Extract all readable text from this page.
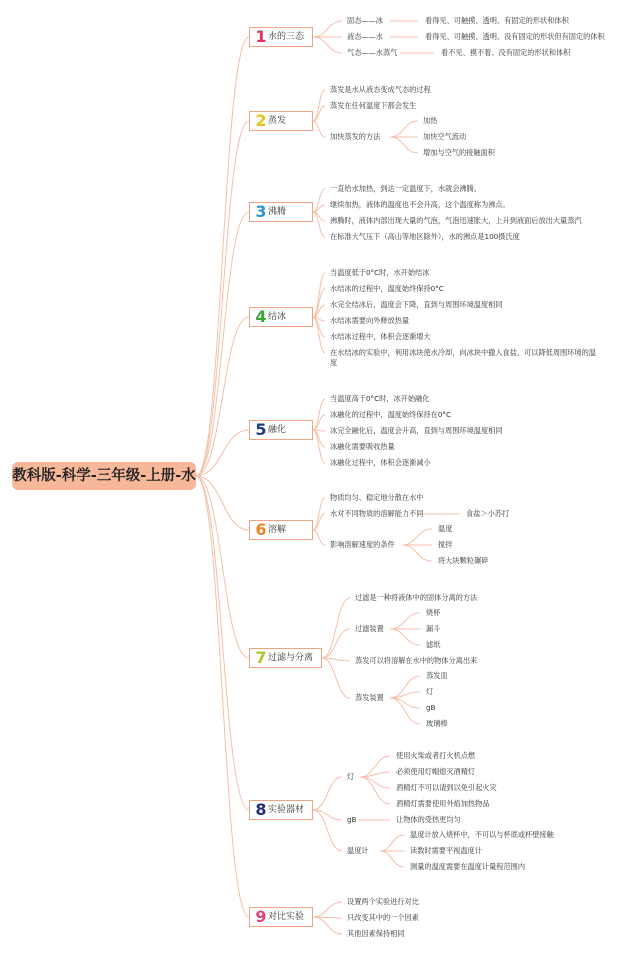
教科版-科学-三年级-上册-水
1水的三态
固态——冰	看得见、可触摸、透明、有固定的形状和体积
液态——水	看得见、可触摸、透明、没有固定的形状但有固定的体积
气态——水蒸气	看不见、摸不着、没有固定的形状和体积
2蒸发
蒸发是水从液态变成气态的过程
蒸发在任何温度下都会发生
加快蒸发的方法
加热
加快空气流动
增加与空气的接触面积
3沸腾
一直给水加热，到达一定温度下，水就会沸腾。
继续加热，液体的温度也不会升高，这个温度称为沸点。
沸腾时，液体内部出现大量的气泡，气泡迅速胀大，上升到液面后放出大量蒸汽
在标准大气压下（高山等地区除外），水的沸点是100摄氏度
4结冰
当温度低于0°C时，水开始结冰
水结冰的过程中，温度始终保持0°C
水完全结冰后，温度会下降，直到与周围环境温度相同
水结冰需要向外释放热量
水结冰过程中，体积会逐渐增大
在水结冰的实验中，利用冰块使水冷却，向冰块中撒入食盐，可以降低周围环境的温度
5融化
当温度高于0°C时，冰开始融化
冰融化的过程中，温度始终保持在0°C
冰完全融化后，温度会升高，直到与周围环境温度相同
冰融化需要吸收热量
冰融化过程中，体积会逐渐减小
6溶解
物质均匀、稳定地分散在水中
水对不同物质的溶解能力不同	食盐＞小苏打
影响溶解速度的条件
温度
搅拌
将大块颗粒碾碎
7过滤与分离
过滤是一种将液体中的固体分离的方法
过滤装置
烧杯
漏斗
滤纸
蒸发可以将溶解在水中的物体分离出来
蒸发装置
蒸发皿
灯
gB
玻璃棒
8实验器材
灯
使用火柴或者打火机点燃
必须使用灯帽熄灭酒精灯
酒精灯不可以请到以免引起火灾
酒精灯需要使用外焰加热物品
gB	让物体的受热更均匀
温度计
温度计放入烧杯中，不可以与杯底或杯壁接触
读数时需要平视温度计
测量的温度需要在温度计量程范围内
9对比实验
设置两个实验进行对比
只改变其中的一个因素
其他因素保持相同
